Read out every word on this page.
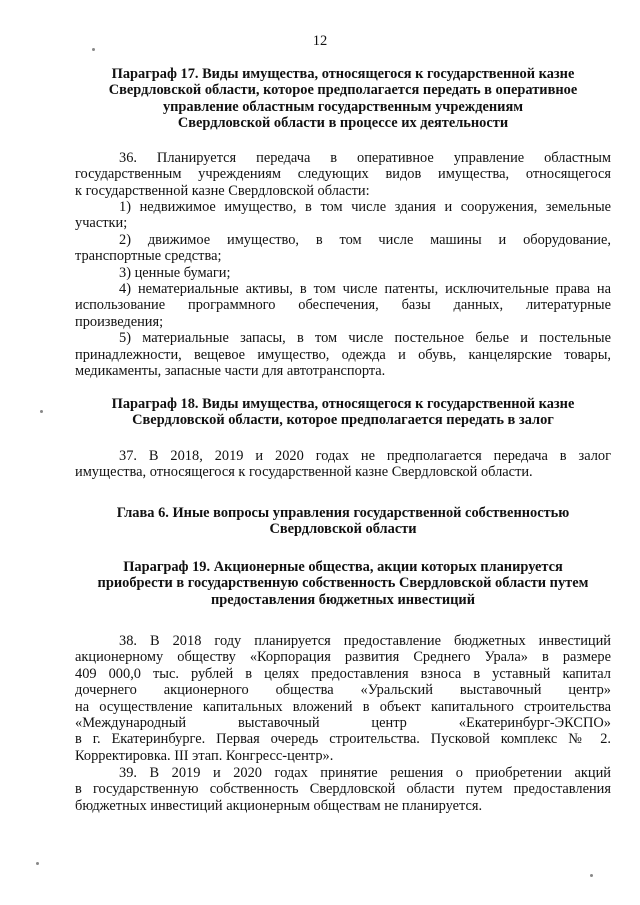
12
Параграф 17. Виды имущества, относящегося к государственной казне
Свердловской области, которое предполагается передать в оперативное
управление областным государственным учреждениям
Свердловской области в процессе их деятельности
36. Планируется передача в оперативное управление областным
государственным учреждениям следующих видов имущества, относящегося
к государственной казне Свердловской области:
1) недвижимое имущество, в том числе здания и сооружения, земельные
участки;
2) движимое имущество, в том числе машины и оборудование,
транспортные средства;
3) ценные бумаги;
4) нематериальные активы, в том числе патенты, исключительные права на
использование программного обеспечения, базы данных, литературные
произведения;
5) материальные запасы, в том числе постельное белье и постельные
принадлежности, вещевое имущество, одежда и обувь, канцелярские товары,
медикаменты, запасные части для автотранспорта.
Параграф 18. Виды имущества, относящегося к государственной казне
Свердловской области, которое предполагается передать в залог
37. В 2018, 2019 и 2020 годах не предполагается передача в залог
имущества, относящегося к государственной казне Свердловской области.
Глава 6. Иные вопросы управления государственной собственностью
Свердловской области
Параграф 19. Акционерные общества, акции которых планируется
приобрести в государственную собственность Свердловской области путем
предоставления бюджетных инвестиций
38. В 2018 году планируется предоставление бюджетных инвестиций
акционерному обществу «Корпорация развития Среднего Урала» в размере
409 000,0 тыс. рублей в целях предоставления взноса в уставный капитал
дочернего акционерного общества «Уральский выставочный центр»
на осуществление капитальных вложений в объект капитального строительства
«Международный выставочный центр «Екатеринбург-ЭКСПО»
в г. Екатеринбурге. Первая очередь строительства. Пусковой комплекс № 2.
Корректировка. III этап. Конгресс-центр».
39. В 2019 и 2020 годах принятие решения о приобретении акций
в государственную собственность Свердловской области путем предоставления
бюджетных инвестиций акционерным обществам не планируется.
